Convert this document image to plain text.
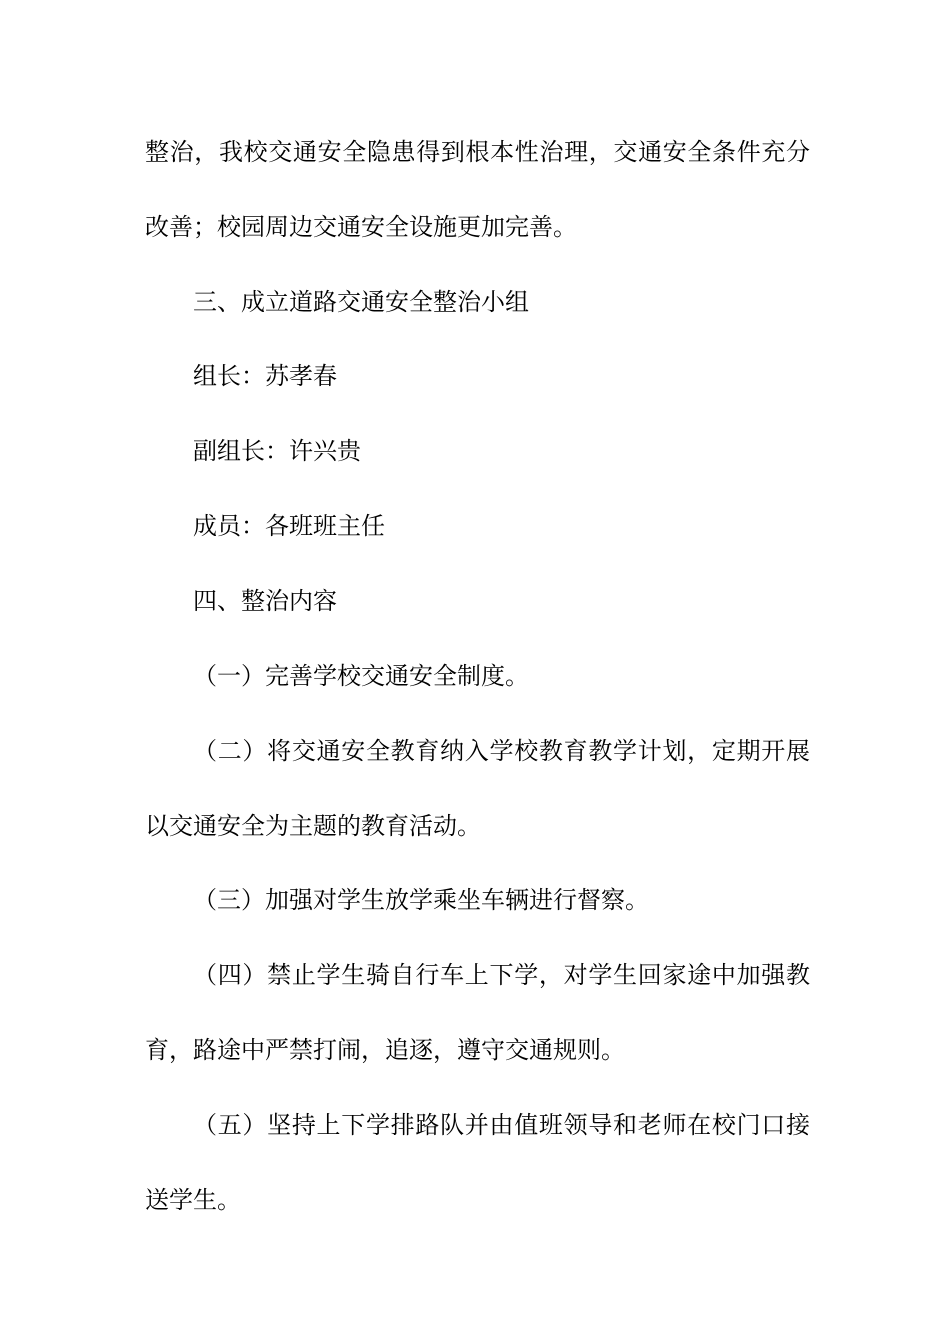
整治，我校交通安全隐患得到根本性治理，交通安全条件充分

改善；校园周边交通安全设施更加完善。

三、成立道路交通安全整治小组

组长：苏孝春

副组长：许兴贵

成员：各班班主任

四、整治内容

（一）完善学校交通安全制度。

（二）将交通安全教育纳入学校教育教学计划，定期开展

以交通安全为主题的教育活动。

（三）加强对学生放学乘坐车辆进行督察。

（四）禁止学生骑自行车上下学，对学生回家途中加强教

育，路途中严禁打闹，追逐，遵守交通规则。

（五）坚持上下学排路队并由值班领导和老师在校门口接

送学生。
